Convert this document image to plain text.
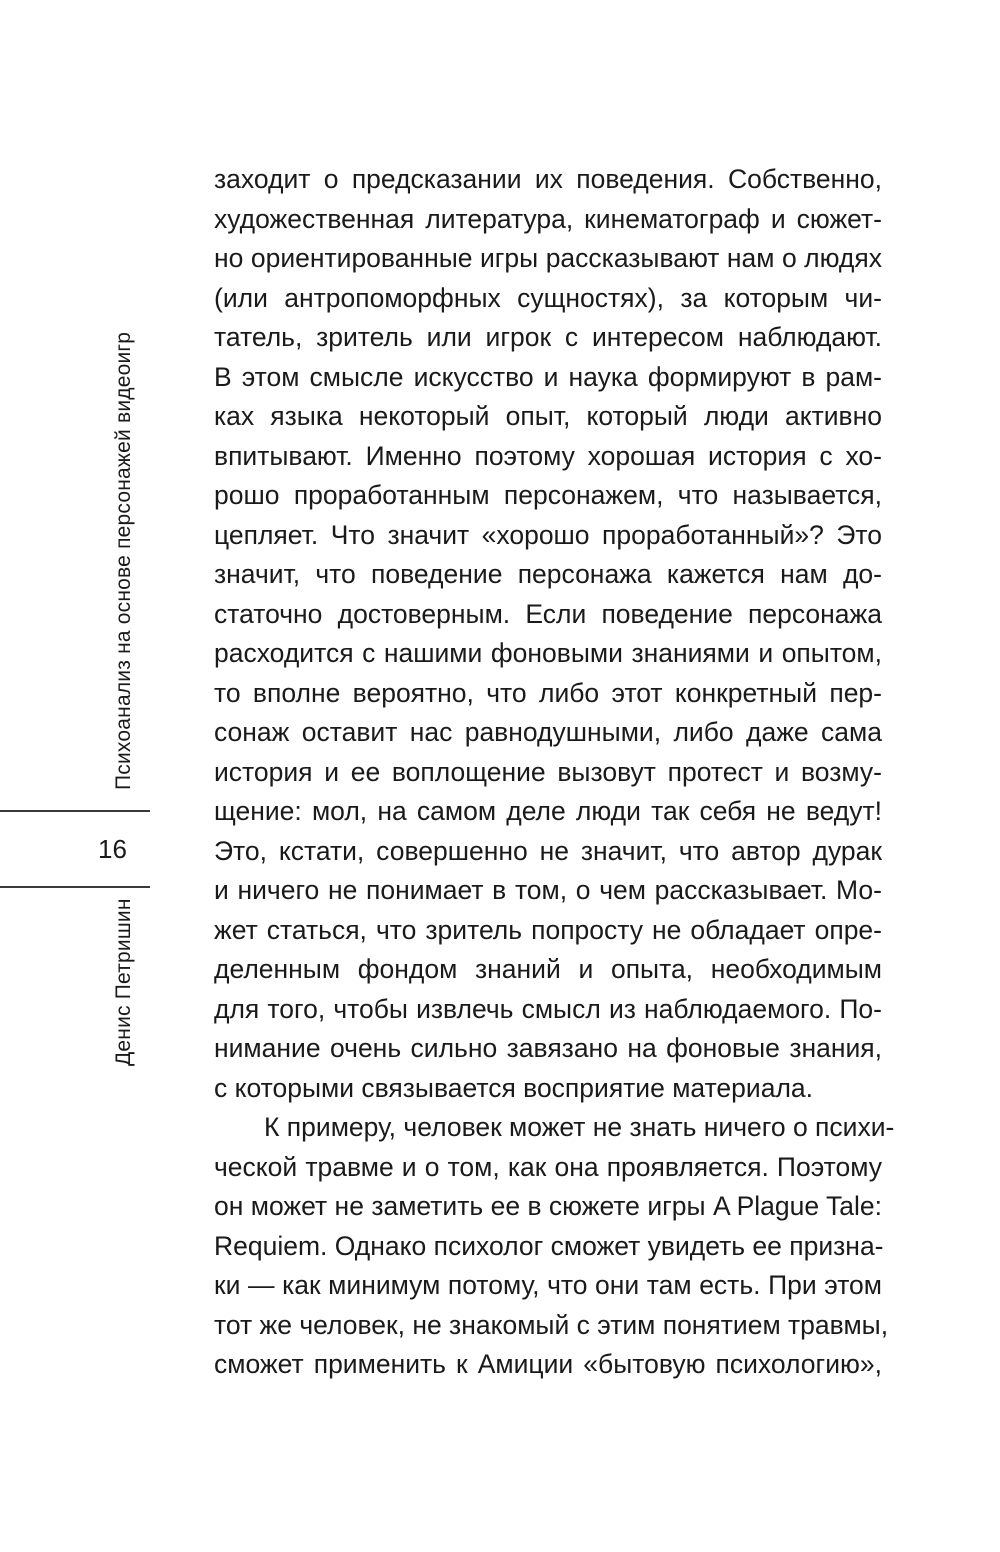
Психоанализ на основе персонажей видеоигр
16
Денис Петришин
заходит о предсказании их поведения. Собственно,
художественная литература, кинематограф и сюжет-
но ориентированные игры рассказывают нам о людях
(или антропоморфных сущностях), за которым чи-
татель, зритель или игрок с интересом наблюдают.
В этом смысле искусство и наука формируют в рам-
ках языка некоторый опыт, который люди активно
впитывают. Именно поэтому хорошая история с хо-
рошо проработанным персонажем, что называется,
цепляет. Что значит «хорошо проработанный»? Это
значит, что поведение персонажа кажется нам до-
статочно достоверным. Если поведение персонажа
расходится с нашими фоновыми знаниями и опытом,
то вполне вероятно, что либо этот конкретный пер-
сонаж оставит нас равнодушными, либо даже сама
история и ее воплощение вызовут протест и возму-
щение: мол, на самом деле люди так себя не ведут!
Это, кстати, совершенно не значит, что автор дурак
и ничего не понимает в том, о чем рассказывает. Мо-
жет статься, что зритель попросту не обладает опре-
деленным фондом знаний и опыта, необходимым
для того, чтобы извлечь смысл из наблюдаемого. По-
нимание очень сильно завязано на фоновые знания,
с которыми связывается восприятие материала.
К примеру, человек может не знать ничего о психи-
ческой травме и о том, как она проявляется. Поэтому
он может не заметить ее в сюжете игры A Plague Tale:
Requiem. Однако психолог сможет увидеть ее призна-
ки — как минимум потому, что они там есть. При этом
тот же человек, не знакомый с этим понятием травмы,
сможет применить к Амиции «бытовую психологию»,
